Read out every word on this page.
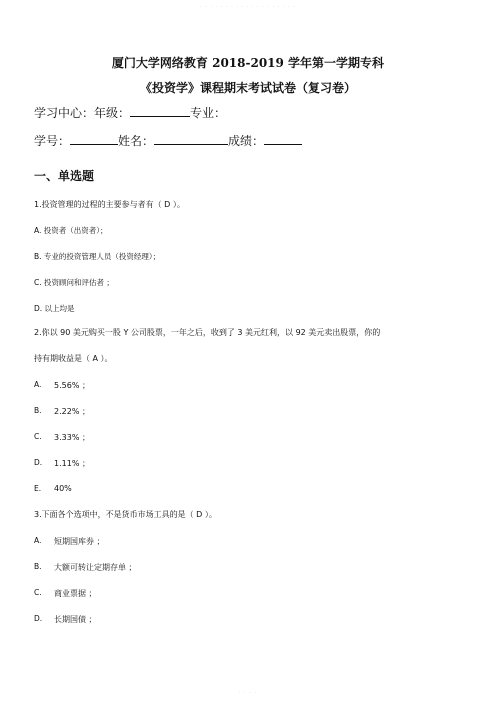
· · · · · · · · · · · · · · · · · · ·
厦门大学网络教育 2018-2019 学年第一学期专科
《投资学》课程期末考试试卷（复习卷）
学习中心：年级：	专业：
学号：	姓名：	成绩：
一、单选题
1.投资管理的过程的主要参与者有（ D ）。
A. 投资者（出资者）；
B. 专业的投资管理人员（投资经理）；
C. 投资顾问和评估者 ；
D. 以上均是
2.你以 90 美元购买一股 Y 公司股票，一年之后，收到了 3 美元红利，以 92 美元卖出股票，你的
持有期收益是（ A ）。
A. 5.56% ；
B. 2.22% ；
C. 3.33% ；
D. 1.11% ；
E. 40%
3.下面各个选项中，不是货币市场工具的是（ D ）。
A. 短期国库券 ；
B. 大额可转让定期存单 ；
C. 商业票据 ；
D. 长期国债 ；
· · · ·
